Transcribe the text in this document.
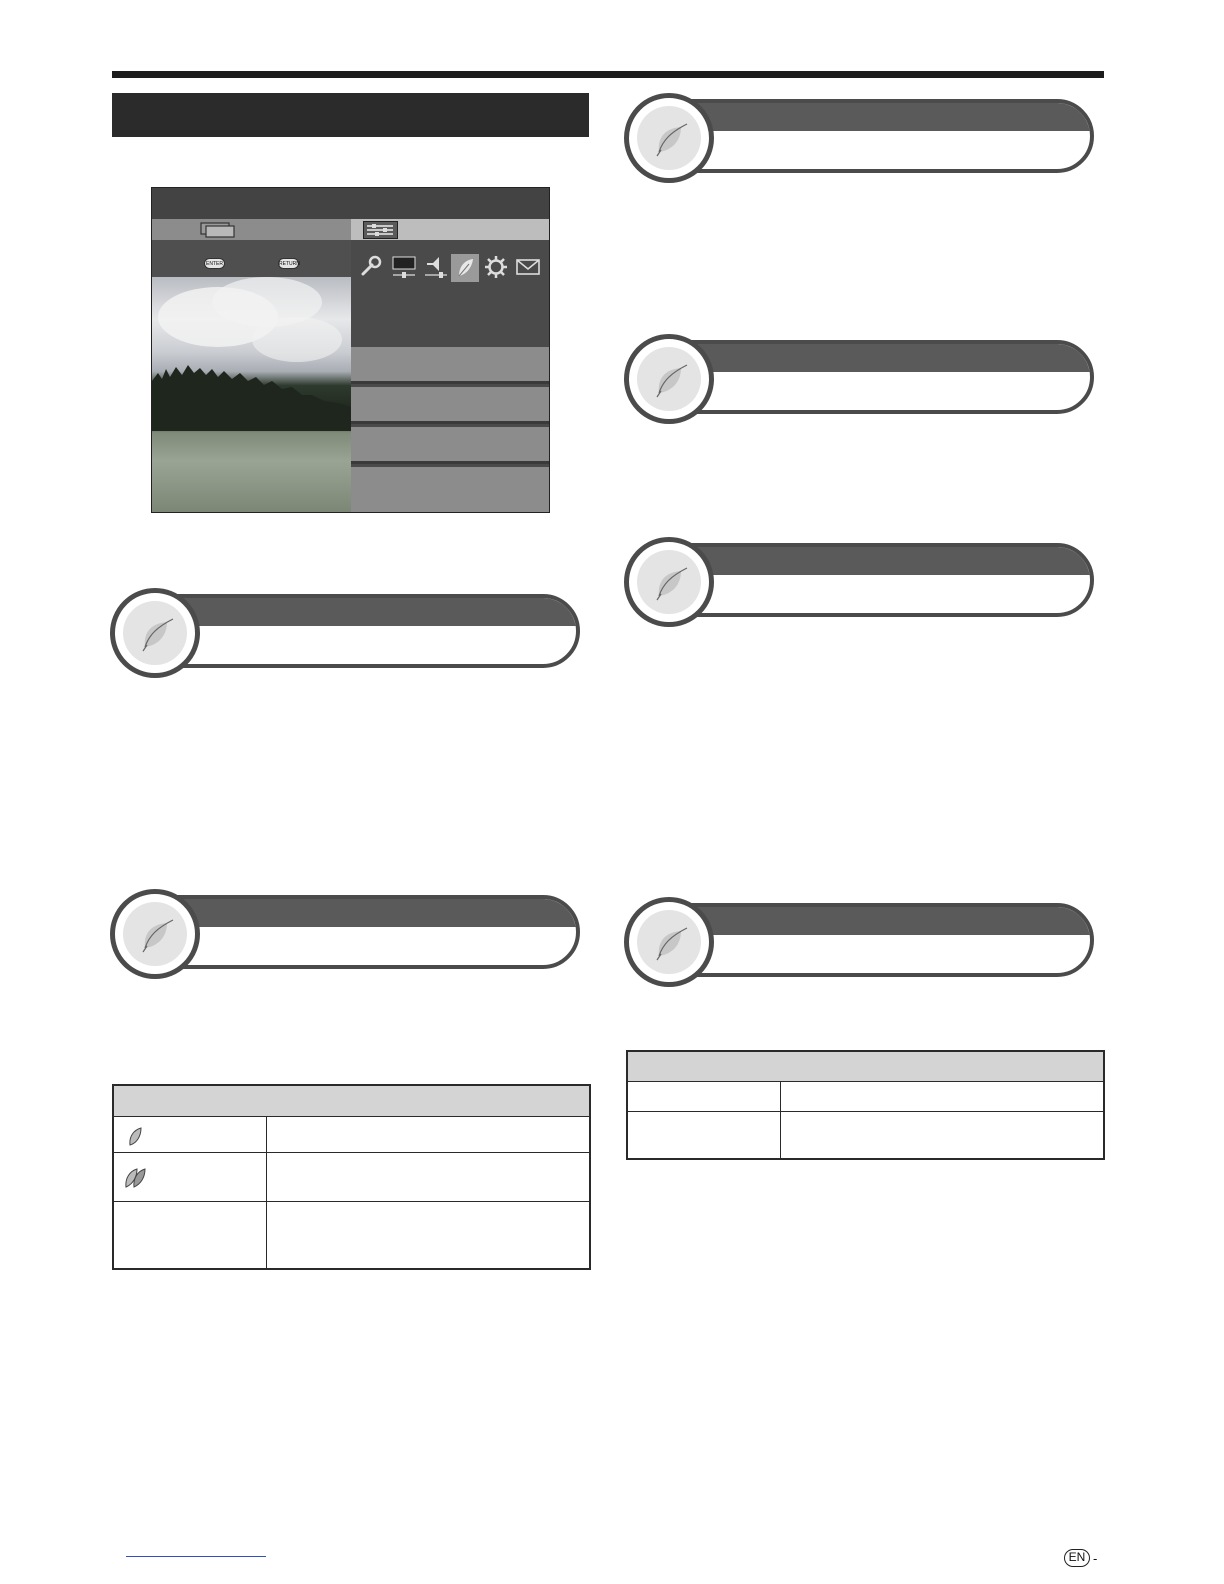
ENTER	RETURN
EN -
